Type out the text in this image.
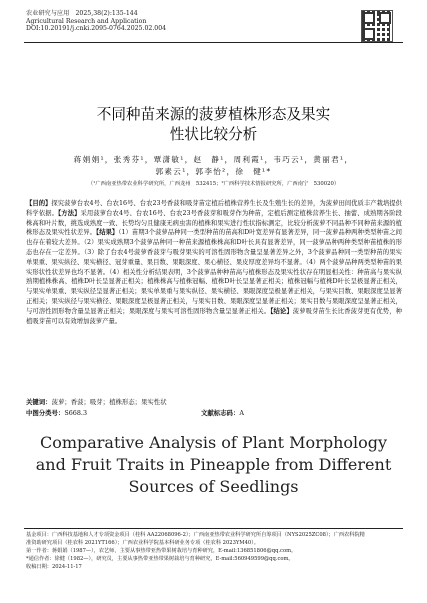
农业研究与应用　2025,38(2):135-144
Agricultural Research and Application
DOI:10.20191/j.cnki.2095-0764.2025.02.004
不同种苗来源的菠萝植株形态及果实
性状比较分析
蒋娟娟¹，张秀芬¹，覃潇敏¹，赵　静¹，周利霞¹，韦巧云¹，黄丽君¹，
郭素云¹，郭李怡²，徐　健¹*
（¹广西南亚热带农业科学研究所，广西龙州　532415；²广西科学技术情报研究所，广西南宁　530020）
【目的】探究菠萝台农4号、台农16号、台农23号香菠和吸芽苗定植后植株营养生长及生殖生长的差异，为菠萝田间优质丰产栽培提供科学依据。【方法】采用菠萝台农4号、台农16号、台农23号香菠芽和吸芽作为种苗，定植后测定植株营养生长、抽蕾、成熟期各阶段株高和叶片数，挑选成熟度一致、长势均匀且健康无病虫害的植株和果实进行性状指标测定，比较分析菠萝不同品种不同种苗来源的植株形态及果实性状差异。【结果】（1）苗期3个菠萝品种同一类型种苗的苗高和D叶宽差异有显著差异，同一菠萝品种两种类型种苗之间也存在着较大差异。（2）果实成熟期3个菠萝品种同一种苗来源植株株高和D叶长具有显著差异，同一菠萝品种两种类型种苗植株的形态也存在一定差异。（3）除了台农4号菠萝香菠芽与吸芽果实的可溶性固形物含量呈显著差异之外，3个菠萝品种同一类型种苗的果实单果重、果实纵径、果实横径、冠芽重量、果目数、果眼深度、果心横径、果皮厚度差异均不显著。（4）两个菠萝品种两类型种苗的果实形状性状差异也均不显著。（4）相关性分析结果表明，3个菠萝品种种苗高与植株形态及果实性状存在明显相关性：种苗高与果实纵熟期植株株高、植株D叶长呈显著正相关；植株株高与植株冠幅、植株D叶长呈显著正相关；植株冠幅与植株D叶长呈极显著正相关，与果实单果重、果实纵径呈显著正相关；果实单果重与果实纵径、果实横径、果眼深度呈极显著正相关，与果实目数、果眼深度呈显著正相关；果实纵径与果实横径、果眼深度呈极显著正相关，与果实目数、果眼深度呈显著正相关；果实目数与果眼深度呈显著正相关，与可溶性固形物含量呈显著正相关；果眼深度与果实可溶性固形物含量呈显著正相关。【结论】菠萝吸芽苗生长比香菠芽更有优势，种植吸芽苗可以有效增加菠萝产量。
关键词：菠萝；香菠；吸芽；植株形态；果实性状
中图分类号：S668.3	文献标志码：A
Comparative Analysis of Plant Morphology
and Fruit Traits in Pineapple from Different
Sources of Seedlings
基金项目：广西科技基地和人才专项资金项目（桂科 AA22068096-2）；广西南亚热带农业科学研究所自筹项目（NYS2025ZC08）；广西农科院精
准资助研究项目（桂农科 2021YT166）；广西农业科学院基本科研业务专项（桂农科 2023YM40）。
第一作者：蒋娟娟（1987—），农艺师，主要从事热带亚热带果树栽培与育种研究，E-mail:136851806@qq.com。
*通信作者：徐健（1982—），研究员，主要从事热带亚热带果树栽培与育种研究，E-mail:560949599@qq.com。
收稿日期：2024-11-17
